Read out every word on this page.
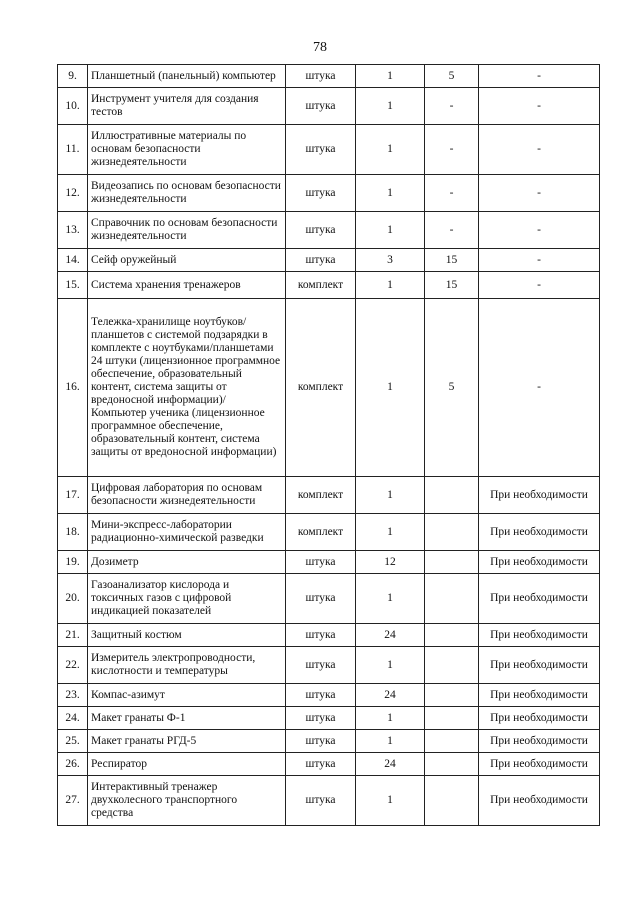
78
9.	Планшетный (панельный) компьютер	штука	1	5	-
10.	Инструмент учителя для создания тестов	штука	1	-	-
11.	Иллюстративные материалы по основам безопасности жизнедеятельности	штука	1	-	-
12.	Видеозапись по основам безопасности жизнедеятельности	штука	1	-	-
13.	Справочник по основам безопасности жизнедеятельности	штука	1	-	-
14.	Сейф оружейный	штука	3	15	-
15.	Система хранения тренажеров	комплект	1	15	-
16.	Тележка-хранилище ноутбуков/планшетов с системой подзарядки в комплекте с ноутбуками/планшетами 24 штуки (лицензионное программное обеспечение, образовательный контент, система защиты от вредоносной информации)/ Компьютер ученика (лицензионное программное обеспечение, образовательный контент, система защиты от вредоносной информации)	комплект	1	5	-
17.	Цифровая лаборатория по основам безопасности жизнедеятельности	комплект	1		При необходимости
18.	Мини-экспресс-лаборатории радиационно-химической разведки	комплект	1		При необходимости
19.	Дозиметр	штука	12		При необходимости
20.	Газоанализатор кислорода и токсичных газов с цифровой индикацией показателей	штука	1		При необходимости
21.	Защитный костюм	штука	24		При необходимости
22.	Измеритель электропроводности, кислотности и температуры	штука	1		При необходимости
23.	Компас-азимут	штука	24		При необходимости
24.	Макет гранаты Ф-1	штука	1		При необходимости
25.	Макет гранаты РГД-5	штука	1		При необходимости
26.	Респиратор	штука	24		При необходимости
27.	Интерактивный тренажер двухколесного транспортного средства	штука	1		При необходимости
